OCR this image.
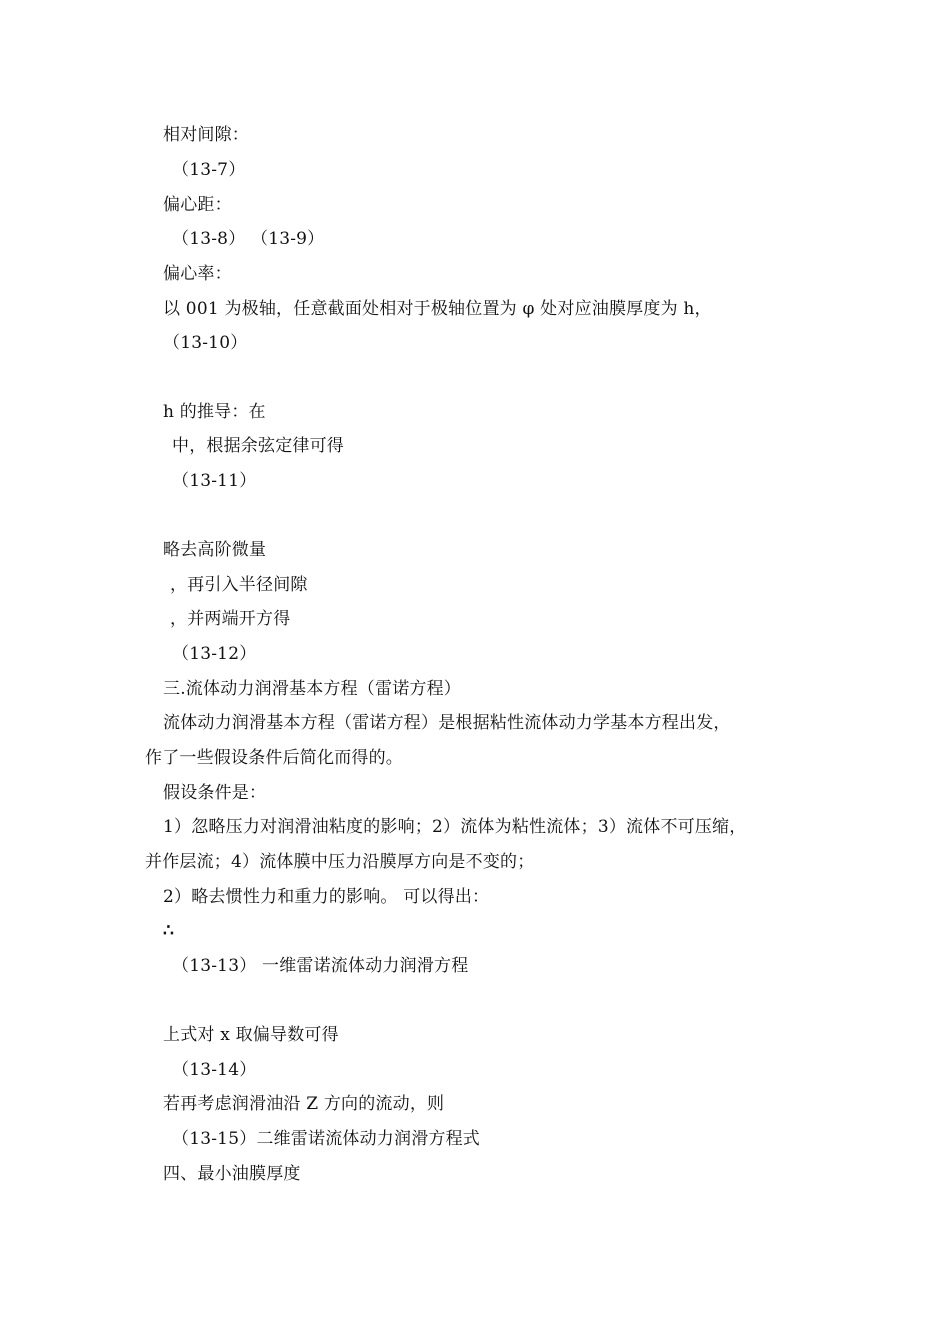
相对间隙：
（13-7）
偏心距：
（13-8） （13-9）
偏心率：
以 001 为极轴，任意截面处相对于极轴位置为 φ 处对应油膜厚度为 h，
（13-10）
h 的推导：在
中，根据余弦定律可得
（13-11）
略去高阶微量
，再引入半径间隙
，并两端开方得
（13-12）
三.流体动力润滑基本方程（雷诺方程）
流体动力润滑基本方程（雷诺方程）是根据粘性流体动力学基本方程出发，
作了一些假设条件后简化而得的。
假设条件是：
1）忽略压力对润滑油粘度的影响；2）流体为粘性流体；3）流体不可压缩，
并作层流；4）流体膜中压力沿膜厚方向是不变的；
2）略去惯性力和重力的影响。 可以得出：
∴
（13-13） 一维雷诺流体动力润滑方程
上式对 x 取偏导数可得
（13-14）
若再考虑润滑油沿 Z 方向的流动，则
（13-15）二维雷诺流体动力润滑方程式
四、最小油膜厚度
